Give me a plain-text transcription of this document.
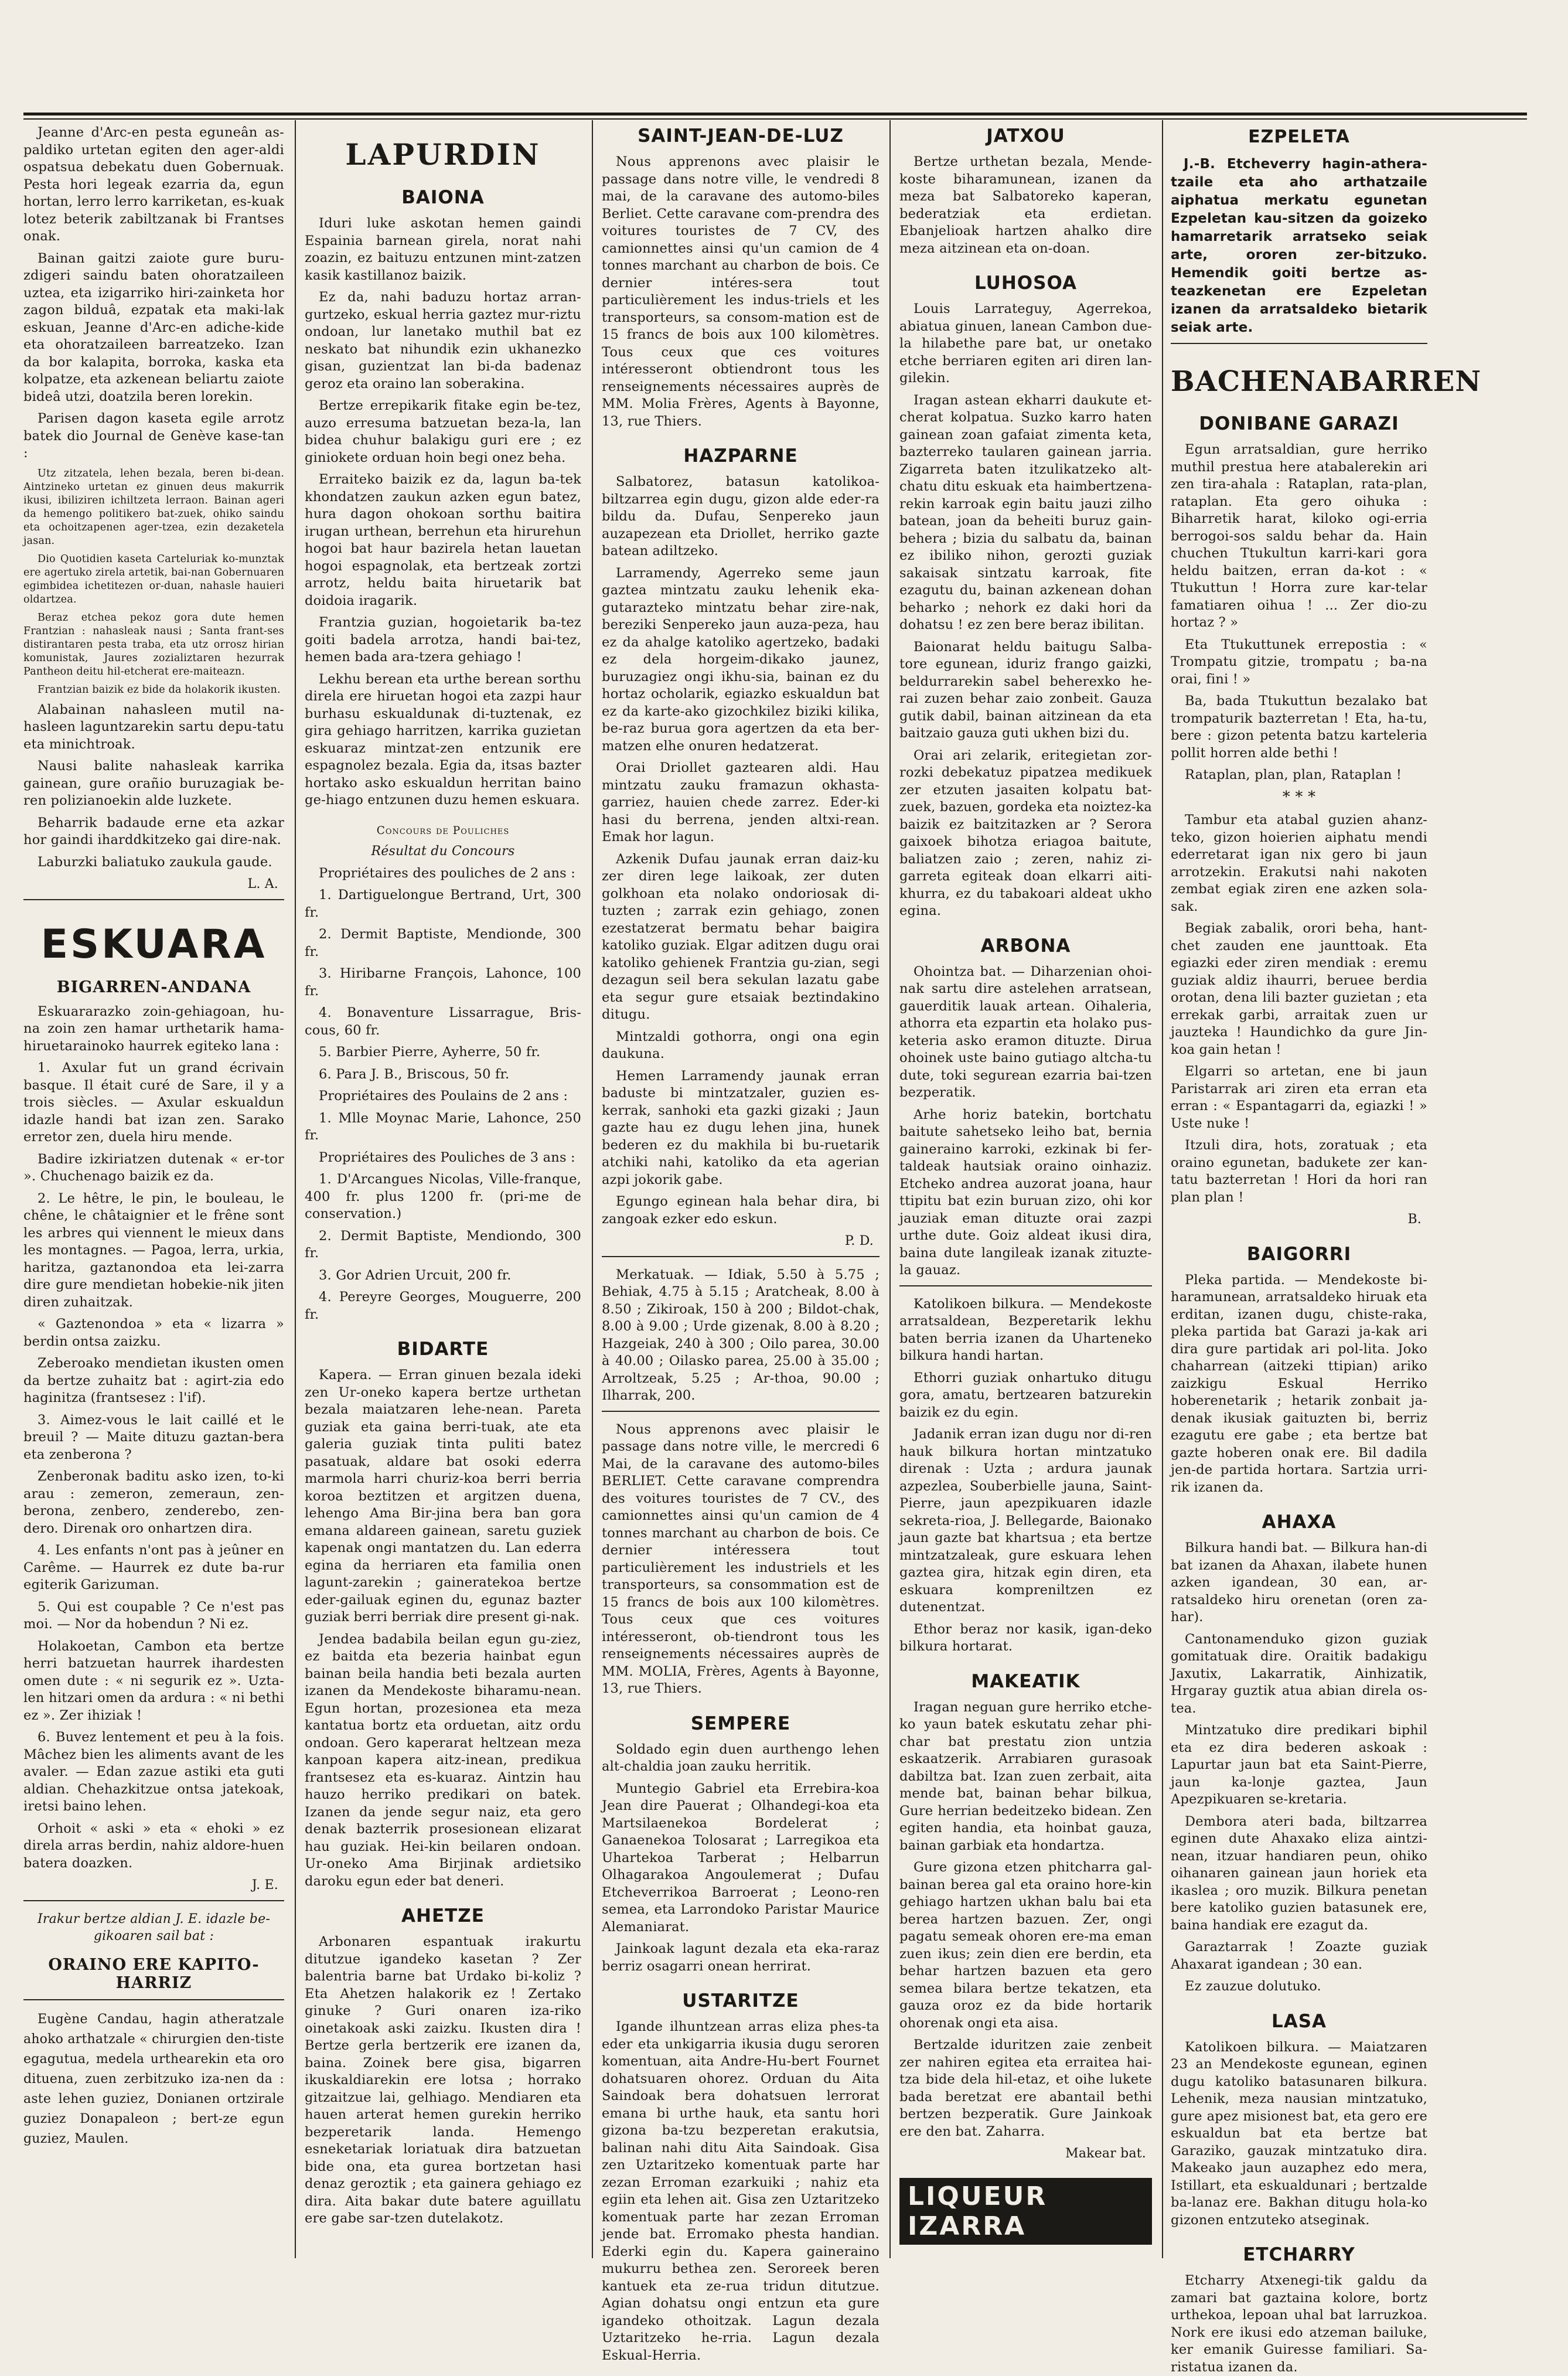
Jeanne d'Arc-en pesta eguneân as-paldiko urtetan egiten den ager-aldi ospatsua debekatu duen Gobernuak. Pesta hori legeak ezarria da, egun hortan, lerro lerro karriketan, es-kuak lotez beterik zabiltzanak bi Frantses onak.

Bainan gaitzi zaiote gure buru-zdigeri saindu baten ohoratzaileen uztea, eta izigarriko hiri-zainketa hor zagon bilduâ, ezpatak eta maki-lak eskuan, Jeanne d'Arc-en adiche-kide eta ohoratzaileen barreatzeko. Izan da bor kalapita, borroka, kaska eta kolpatze, eta azkenean beliartu zaiote bideâ utzi, doatzila beren lorekin.

Parisen dagon kaseta egile arrotz batek dio Journal de Genève kase-tan :

Utz zitzatela, lehen bezala, beren bi-dean. Aintzineko urtetan ez ginuen deus makurrik ikusi, ibiliziren ichiltzeta lerraon. Bainan ageri da hemengo politikero bat-zuek, ohiko saindu eta ochoitzapenen ager-tzea, ezin dezaketela jasan.

Dio Quotidien kaseta Carteluriak ko-munztak ere agertuko zirela artetik, bai-nan Gobernuaren egimbidea ichetitezen or-duan, nahasle hauieri oldartzea.

Beraz etchea pekoz gora dute hemen Frantzian : nahasleak nausi ; Santa frant-ses distirantaren pesta traba, eta utz orrosz hirian komunistak, Jaures zozializtaren hezurrak Pantheon deitu hil-etcherat ere-maiteazn.

Frantzian baizik ez bide da holakorik ikusten.

Alabainan nahasleen mutil na-hasleen laguntzarekin sartu depu-tatu eta minichtroak.

Nausi balite nahasleak karrika gainean, gure orañio buruzagiak be-ren polizianoekin alde luzkete.

Beharrik badaude erne eta azkar hor gaindi iharddkitzeko gai dire-nak.

Laburzki baliatuko zaukula gaude.

L. A.

ESKUARA
BIGARREN-ANDANA

Eskuararazko zoin-gehiagoan, hu-na zoin zen hamar urthetarik hama-hiruetarainoko haurrek egiteko lana :

1. Axular fut un grand écrivain basque. Il était curé de Sare, il y a trois siècles. — Axular eskualdun idazle handi bat izan zen. Sarako erretor zen, duela hiru mende.

Badire izkiriatzen dutenak « er-tor ». Chuchenago baizik ez da.

2. Le hêtre, le pin, le bouleau, le chêne, le châtaignier et le frêne sont les arbres qui viennent le mieux dans les montagnes. — Pagoa, lerra, urkia, haritza, gaztanondoa eta lei-zarra dire gure mendietan hobekie-nik jiten diren zuhaitzak.

« Gaztenondoa » eta « lizarra » berdin ontsa zaizku.

Zeberoako mendietan ikusten omen da bertze zuhaitz bat : agirt-zia edo haginitza (frantsesez : l'if).

3. Aimez-vous le lait caillé et le breuil ? — Maite dituzu gaztan-bera eta zenberona ?

Zenberonak baditu asko izen, to-ki arau : zemeron, zemeraun, zen-berona, zenbero, zenderebo, zen-dero. Direnak oro onhartzen dira.

4. Les enfants n'ont pas à jeûner en Carême. — Haurrek ez dute ba-rur egiterik Garizuman.

5. Qui est coupable ? Ce n'est pas moi. — Nor da hobendun ? Ni ez.

Holakoetan, Cambon eta bertze herri batzuetan haurrek ihardesten omen dute : « ni segurik ez ». Uzta-len hitzari omen da ardura : « ni bethi ez ». Zer ihiziak !

6. Buvez lentement et peu à la fois. Mâchez bien les aliments avant de les avaler. — Edan zazue astiki eta guti aldian. Chehazkitzue ontsa jatekoak, iretsi baino lehen.

Orhoit « aski » eta « ehoki » ez direla arras berdin, nahiz aldore-huen batera doazken.

J. E.

Irakur bertze aldian J. E. idazle be-gikoaren sail bat :

ORAINO ERE KAPITO-HARRIZ

Eugène Candau, hagin atheratzale ahoko arthatzale « chirurgien den-tiste egagutua, medela urthearekin eta oro dituena, zuen zerbitzuko iza-nen da : aste lehen guziez, Donianen ortzirale guziez Donapaleon ; bert-ze egun guziez, Maulen.

LAPURDIN
BAIONA

Iduri luke askotan hemen gaindi Espainia barnean girela, norat nahi zoazin, ez baituzu entzunen mint-zatzen kasik kastillanoz baizik.

Ez da, nahi baduzu hortaz arran-gurtzeko, eskual herria gaztez mur-riztu ondoan, lur lanetako muthil bat ez neskato bat nihundik ezin ukhanezko gisan, guzientzat lan bi-da badenaz geroz eta oraino lan soberakina.

Bertze errepikarik fitake egin be-tez, auzo erresuma batzuetan beza-la, lan bidea chuhur balakigu guri ere ; ez giniokete orduan hoin begi onez beha.

Erraiteko baizik ez da, lagun ba-tek khondatzen zaukun azken egun batez, hura dagon ohokoan sorthu baitira irugan urthean, berrehun eta hirurehun hogoi bat haur bazirela hetan lauetan hogoi espagnolak, eta bertzeak zortzi arrotz, heldu baita hiruetarik bat doidoia iragarik.

Frantzia guzian, hogoietarik ba-tez goiti badela arrotza, handi bai-tez, hemen bada ara-tzera gehiago !

Lekhu berean eta urthe berean sorthu direla ere hiruetan hogoi eta zazpi haur burhasu eskualdunak di-tuztenak, ez gira gehiago harritzen, karrika guzietan eskuaraz mintzat-zen entzunik ere espagnolez bezala. Egia da, itsas bazter hortako asko eskualdun herritan baino ge-hiago entzunen duzu hemen eskuara.

Concours de Pouliches

Résultat du Concours

Propriétaires des pouliches de 2 ans :

1. Dartiguelongue Bertrand, Urt, 300 fr.

2. Dermit Baptiste, Mendionde, 300 fr.

3. Hiribarne François, Lahonce, 100 fr.

4. Bonaventure Lissarrague, Bris-cous, 60 fr.

5. Barbier Pierre, Ayherre, 50 fr.

6. Para J. B., Briscous, 50 fr.

Propriétaires des Poulains de 2 ans :

1. Mlle Moynac Marie, Lahonce, 250 fr.

Propriétaires des Pouliches de 3 ans :

1. D'Arcangues Nicolas, Ville-franque, 400 fr. plus 1200 fr. (pri-me de conservation.)

2. Dermit Baptiste, Mendiondo, 300 fr.

3. Gor Adrien Urcuit, 200 fr.

4. Pereyre Georges, Mouguerre, 200 fr.

BIDARTE

Kapera. — Erran ginuen bezala ideki zen Ur-oneko kapera bertze urthetan bezala maiatzaren lehe-nean. Pareta guziak eta gaina berri-tuak, ate eta galeria guziak tinta puliti batez pasatuak, aldare bat osoki ederra marmola harri churiz-koa berri berria koroa beztitzen et argitzen duena, lehengo Ama Bir-jina bera ban gora emana aldareen gainean, saretu guziek kapenak ongi mantatzen du. Lan ederra egina da herriaren eta familia onen lagunt-zarekin ; gaineratekoa bertze eder-gailuak eginen du, egunaz bazter guziak berri berriak dire present gi-nak.

Jendea badabila beilan egun gu-ziez, ez baitda eta bezeria hainbat egun bainan beila handia beti bezala aurten izanen da Mendekoste biharamu-nean. Egun hortan, prozesionea eta meza kantatua bortz eta orduetan, aitz ordu ondoan. Gero kaperarat heltzean meza kanpoan kapera aitz-inean, predikua frantsesez eta es-kuaraz. Aintzin hau hauzo herriko predikari on batek. Izanen da jende segur naiz, eta gero denak bazterrik prosesionean elizarat hau guziak. Hei-kin beilaren ondoan. Ur-oneko Ama Birjinak ardietsiko daroku egun eder bat deneri.

AHETZE

Arbonaren espantuak irakurtu ditutzue igandeko kasetan ? Zer balentria barne bat Urdako bi-koliz ? Eta Ahetzen halakorik ez ! Zertako ginuke ? Guri onaren iza-riko oinetakoak aski zaizku. Ikusten dira ! Bertze gerla bertzerik ere izanen da, baina. Zoinek bere gisa, bigarren ikuskaldiarekin ere lotsa ; horrako gitzaitzue lai, gelhiago. Mendiaren eta hauen arterat hemen gurekin herriko bezperetarik landa. Hemengo esneketariak loriatuak dira batzuetan bide ona, eta gurea bortzetan hasi denaz geroztik ; eta gainera gehiago ez dira. Aita bakar dute batere aguillatu ere gabe sar-tzen dutelakotz.

SAINT-JEAN-DE-LUZ

Nous apprenons avec plaisir le passage dans notre ville, le vendredi 8 mai, de la caravane des automo-biles Berliet. Cette caravane com-prendra des voitures touristes de 7 CV, des camionnettes ainsi qu'un camion de 4 tonnes marchant au charbon de bois. Ce dernier intéres-sera tout particulièrement les indus-triels et les transporteurs, sa consom-mation est de 15 francs de bois aux 100 kilomètres. Tous ceux que ces voitures intéresseront obtiendront tous les renseignements nécessaires auprès de MM. Molia Frères, Agents à Bayonne, 13, rue Thiers.

HAZPARNE

Salbatorez, batasun katolikoa-biltzarrea egin dugu, gizon alde eder-ra bildu da. Dufau, Senpereko jaun auzapezean eta Driollet, herriko gazte batean adiltzeko.

Larramendy, Agerreko seme jaun gaztea mintzatu zauku lehenik eka-gutarazteko mintzatu behar zire-nak, bereziki Senpereko jaun auza-peza, hau ez da ahalge katoliko agertzeko, badaki ez dela horgeim-dikako jaunez, buruzagiez ongi ikhu-sia, bainan ez du hortaz ocholarik, egiazko eskualdun bat ez da karte-ako gizochkilez biziki kilika, be-raz burua gora agertzen da eta ber-matzen elhe onuren hedatzerat.

Orai Driollet gaztearen aldi. Hau mintzatu zauku framazun okhasta-garriez, hauien chede zarrez. Eder-ki hasi du berrena, jenden altxi-rean. Emak hor lagun.

Azkenik Dufau jaunak erran daiz-ku zer diren lege laikoak, zer duten golkhoan eta nolako ondoriosak di-tuzten ; zarrak ezin gehiago, zonen ezestatzerat bermatu behar baigira katoliko guziak. Elgar aditzen dugu orai katoliko gehienek Frantzia gu-zian, segi dezagun seil bera sekulan lazatu gabe eta segur gure etsaiak beztindakino ditugu.

Mintzaldi gothorra, ongi ona egin daukuna.

Hemen Larramendy jaunak erran baduste bi mintzatzaler, guzien es-kerrak, sanhoki eta gazki gizaki ; Jaun gazte hau ez dugu lehen jina, hunek bederen ez du makhila bi bu-ruetarik atchiki nahi, katoliko da eta agerian azpi jokorik gabe.

Egungo eginean hala behar dira, bi zangoak ezker edo eskun.

P. D.

Merkatuak. — Idiak, 5.50 à 5.75 ; Behiak, 4.75 à 5.15 ; Aratcheak, 8.00 à 8.50 ; Zikiroak, 150 à 200 ; Bildot-chak, 8.00 à 9.00 ; Urde gizenak, 8.00 à 8.20 ; Hazgeiak, 240 à 300 ; Oilo parea, 30.00 à 40.00 ; Oilasko parea, 25.00 à 35.00 ; Arroltzeak, 5.25 ; Ar-thoa, 90.00 ; Ilharrak, 200.

Nous apprenons avec plaisir le passage dans notre ville, le mercredi 6 Mai, de la caravane des automo-biles BERLIET. Cette caravane comprendra des voitures touristes de 7 CV., des camionnettes ainsi qu'un camion de 4 tonnes marchant au charbon de bois. Ce dernier intéressera tout particulièrement les industriels et les transporteurs, sa consommation est de 15 francs de bois aux 100 kilomètres. Tous ceux que ces voitures intéresseront, ob-tiendront tous les renseignements nécessaires auprès de MM. MOLIA, Frères, Agents à Bayonne, 13, rue Thiers.

SEMPERE

Soldado egin duen aurthengo lehen alt-chaldia joan zauku herritik.

Muntegio Gabriel eta Errebira-koa Jean dire Pauerat ; Olhandegi-koa eta Martsilaenekoa Bordelerat ; Ganaenekoa Tolosarat ; Larregikoa eta Uhartekoa Tarberat ; Helbarrun Olhagarakoa Angoulemerat ; Dufau Etcheverrikoa Barroerat ; Leono-ren semea, eta Larrondoko Paristar Maurice Alemaniarat.

Jainkoak lagunt dezala eta eka-raraz berriz osagarri onean herrirat.

USTARITZE

Igande ilhuntzean arras eliza phes-ta eder eta unkigarria ikusia dugu seroren komentuan, aita Andre-Hu-bert Fournet dohatsuaren ohorez. Orduan du Aita Saindoak bera dohatsuen lerrorat emana bi urthe hauk, eta santu hori gizona ba-tzu bezperetan erakutsia, balinan nahi ditu Aita Saindoak. Gisa zen Uztaritzeko komentuak parte har zezan Erroman ezarkuiki ; nahiz eta egiin eta lehen ait. Gisa zen Uztaritzeko komentuak parte har zezan Erroman jende bat. Erromako phesta handian. Ederki egin du. Kapera gaineraino mukurru bethea zen. Seroreek beren kantuek eta ze-rua tridun ditutzue. Agian dohatsu ongi entzun eta gure igandeko othoitzak. Lagun dezala Uztaritzeko he-rria. Lagun dezala Eskual-Herria.

JATXOU

Bertze urthetan bezala, Mende-koste biharamunean, izanen da meza bat Salbatoreko kaperan, bederatziak eta erdietan. Ebanjelioak hartzen ahalko dire meza aitzinean eta on-doan.

LUHOSOA

Louis Larrateguy, Agerrekoa, abiatua ginuen, lanean Cambon due-la hilabethe pare bat, ur onetako etche berriaren egiten ari diren lan-gilekin.

Iragan astean ekharri daukute et-cherat kolpatua. Suzko karro haten gainean zoan gafaiat zimenta keta, bazterreko taularen gainean jarria. Zigarreta baten itzulikatzeko alt-chatu ditu eskuak eta haimbertzena-rekin karroak egin baitu jauzi zilho batean, joan da beheiti buruz gain-behera ; bizia du salbatu da, bainan ez ibiliko nihon, gerozti guziak sakaisak sintzatu karroak, fite ezagutu du, bainan azkenean dohan beharko ; nehork ez daki hori da dohatsu ! ez zen bere beraz ibilitan.

Baionarat heldu baitugu Salba-tore egunean, iduriz frango gaizki, beldurrarekin sabel beherexko he-rai zuzen behar zaio zonbeit. Gauza gutik dabil, bainan aitzinean da eta baitzaio gauza guti ukhen bizi du.

Orai ari zelarik, eritegietan zor-rozki debekatuz pipatzea medikuek zer etzuten jasaiten kolpatu bat-zuek, bazuen, gordeka eta noiztez-ka baizik ez baitzitazken ar ? Serora gaixoek bihotza eriagoa baitute, baliatzen zaio ; zeren, nahiz zi-garreta egiteak doan elkarri aiti-khurra, ez du tabakoari aldeat ukho egina.

ARBONA

Ohointza bat. — Diharzenian ohoi-nak sartu dire astelehen arratsean, gauerditik lauak artean. Oihaleria, athorra eta ezpartin eta holako pus-keteria asko eramon dituzte. Dirua ohoinek uste baino gutiago altcha-tu dute, toki segurean ezarria bai-tzen bezperatik.

Arhe horiz batekin, bortchatu baitute sahetseko leiho bat, bernia gaineraino karroki, ezkinak bi fer-taldeak hautsiak oraino oinhaziz. Etcheko andrea auzorat joana, haur ttipitu bat ezin buruan zizo, ohi kor jauziak eman dituzte orai zazpi urthe dute. Goiz aldeat ikusi dira, baina dute langileak izanak zituzte-la gauaz.

Katolikoen bilkura. — Mendekoste arratsaldean, Bezperetarik lekhu baten berria izanen da Uharteneko bilkura handi hartan.

Ethorri guziak onhartuko ditugu gora, amatu, bertzearen batzurekin baizik ez du egin.

Jadanik erran izan dugu nor di-ren hauk bilkura hortan mintzatuko direnak : Uzta ; ardura jaunak azpezlea, Souberbielle jauna, Saint-Pierre, jaun apezpikuaren idazle sekreta-rioa, J. Bellegarde, Baionako jaun gazte bat khartsua ; eta bertze mintzatzaleak, gure eskuara lehen gaztea gira, hitzak egin diren, eta eskuara kompreniltzen ez dutenentzat.

Ethor beraz nor kasik, igan-deko bilkura hortarat.

MAKEATIK

Iragan neguan gure herriko etche-ko yaun batek eskutatu zehar phi-char bat prestatu zion untzia eskaatzerik. Arrabiaren gurasoak dabiltza bat. Izan zuen zerbait, aita mende bat, bainan behar bilkua, Gure herrian bedeitzeko bidean. Zen egiten handia, eta hoinbat gauza, bainan garbiak eta hondartza.

Gure gizona etzen phitcharra gal-bainan berea gal eta oraino hore-kin gehiago hartzen ukhan balu bai eta berea hartzen bazuen. Zer, ongi pagatu semeak ohoren ere-ma eman zuen ikus; zein dien ere berdin, eta behar hartzen bazuen eta gero semea bilara bertze tekatzen, eta gauza oroz ez da bide hortarik ohorenak ongi eta aisa.

Bertzalde iduritzen zaie zenbeit zer nahiren egitea eta erraitea hai-tza bide dela hil-etaz, et oihe lukete bada beretzat ere abantail bethi bertzen bezperatik. Gure Jainkoak ere den bat. Zaharra.

Makear bat.

LIQUEUR IZARRA
EZPELETA

J.-B. Etcheverry hagin-athera-tzaile eta aho arthatzaile aiphatua merkatu egunetan Ezpeletan kau-sitzen da goizeko hamarretarik arratseko seiak arte, ororen zer-bitzuko. Hemendik goiti bertze as-teazkenetan ere Ezpeletan izanen da arratsaldeko bietarik seiak arte.

BACHENABARREN
DONIBANE GARAZI

Egun arratsaldian, gure herriko muthil prestua here atabalerekin ari zen tira-ahala : Rataplan, rata-plan, rataplan. Eta gero oihuka : Biharretik harat, kiloko ogi-erria berrogoi-sos saldu behar da. Hain chuchen Ttukultun karri-kari gora heldu baitzen, erran da-kot : « Ttukuttun ! Horra zure kar-telar famatiaren oihua ! ... Zer dio-zu hortaz ? »

Eta Ttukuttunek errepostia : « Trompatu gitzie, trompatu ; ba-na orai, fini ! »

Ba, bada Ttukuttun bezalako bat trompaturik bazterretan ! Eta, ha-tu, bere : gizon petenta batzu karteleria pollit horren alde bethi !

Rataplan, plan, plan, Rataplan !

* * *

Tambur eta atabal guzien ahanz-teko, gizon hoierien aiphatu mendi ederretarat igan nix gero bi jaun arrotzekin. Erakutsi nahi nakoten zembat egiak ziren ene azken sola-sak.

Begiak zabalik, orori beha, hant-chet zauden ene jaunttoak. Eta egiazki eder ziren mendiak : eremu guziak aldiz ihaurri, beruee berdia orotan, dena lili bazter guzietan ; eta errekak garbi, arraitak zuen ur jauzteka ! Haundichko da gure Jin-koa gain hetan !

Elgarri so artetan, ene bi jaun Paristarrak ari ziren eta erran eta erran : « Espantagarri da, egiazki ! » Uste nuke !

Itzuli dira, hots, zoratuak ; eta oraino egunetan, baduketе zer kan-tatu bazterretan ! Hori da hori ran plan plan !

B.

BAIGORRI

Pleka partida. — Mendekoste bi-haramunean, arratsaldeko hiruak eta erditan, izanen dugu, chiste-raka, pleka partida bat Garazi ja-kak ari dira gure partidak ari pol-lita. Joko chaharrean (aitzeki ttipian) ariko zaizkigu Eskual Herriko hoberenetarik ; hetarik zonbait ja-denak ikusiak gaituzten bi, berriz ezagutu ere gabe ; eta bertze bat gazte hoberen onak ere. Bil dadila jen-de partida hortara. Sartzia urri-rik izanen da.

AHAXA

Bilkura handi bat. — Bilkura han-di bat izanen da Ahaxan, ilabete hunen azken igandean, 30 ean, ar-ratsaldeko hiru orenetan (oren za-har).

Cantonamenduko gizon guziak gomitatuak dire. Oraitik badakigu Jaxutix, Lakarratik, Ainhizatik, Hrgaray guztik atua abian direla os-tea.

Mintzatuko dire predikari biphil eta ez dira bederen askoak : Lapurtar jaun bat eta Saint-Pierre, jaun ka-lonje gaztea, Jaun Apezpikuaren se-kretaria.

Dembora ateri bada, biltzarrea eginen dute Ahaxako eliza aintzi-nean, itzuar handiaren peun, ohiko oihanaren gainean jaun horiek eta ikaslea ; oro muzik. Bilkura penetan bere katoliko guzien batasunek ere, baina handiak ere ezagut da.

Garaztarrak ! Zoazte guziak Ahaxarat igandean ; 30 ean.

Ez zauzue dolutuko.

LASA

Katolikoen bilkura. — Maiatzaren 23 an Mendekoste egunean, eginen dugu katoliko batasunaren bilkura. Lehenik, meza nausian mintzatuko, gure apez misionest bat, eta gero ere eskualdun bat eta bertze bat Garaziko, gauzak mintzatuko dira. Makeako jaun auzaphez edo mera, Istillart, eta eskualdunari ; bertzalde ba-lanaz ere. Bakhan ditugu hola-ko gizonen entzuteko atseginak.

ETCHARRY

Etcharry Atxenegi-tik galdu da zamari bat gaztaina kolore, bortz urthekoa, lepoan uhal bat larruzkoa. Nork ere ikusi edo atzeman bailuke, ker emanik Guiresse familiari. Sa-ristatua izanen da.
